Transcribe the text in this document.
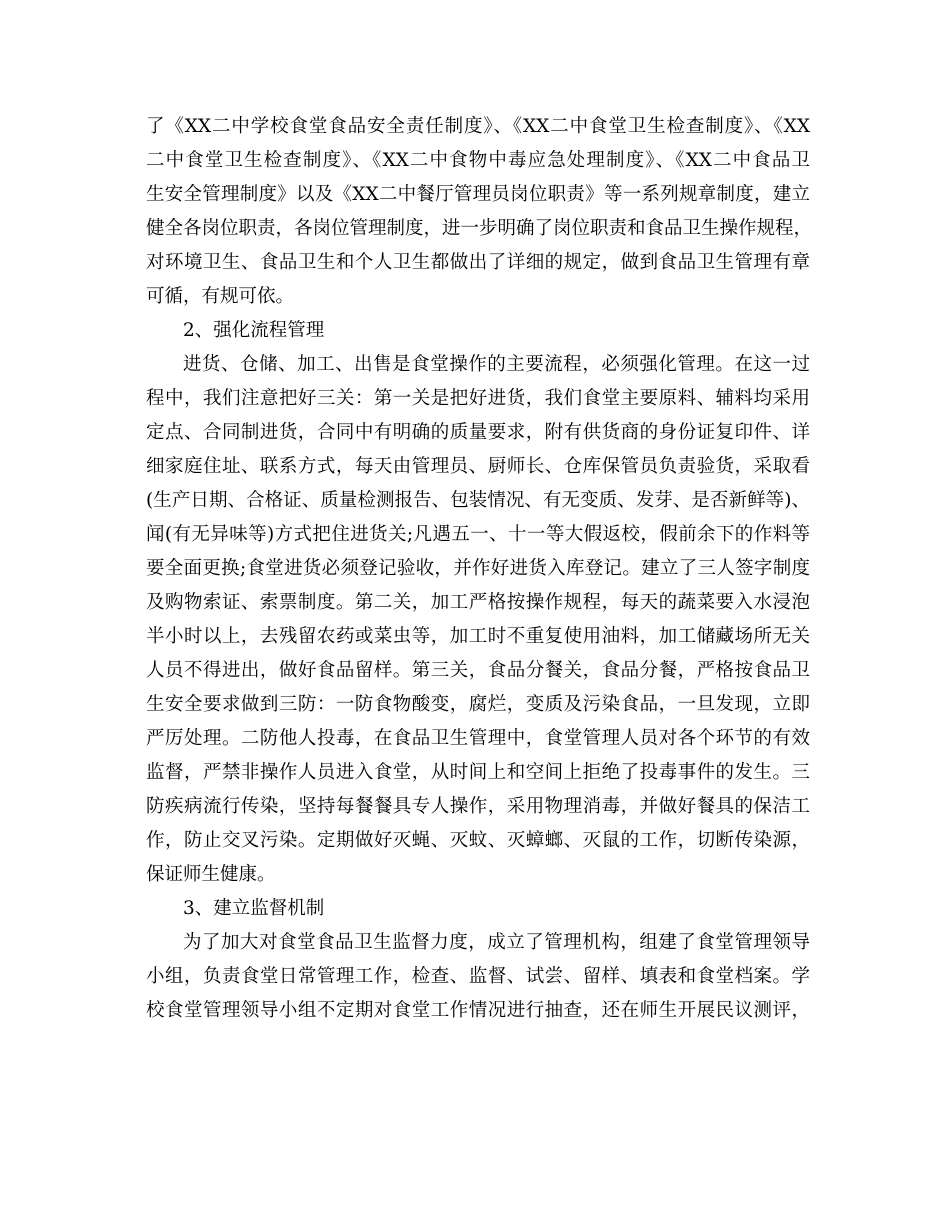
了《XX二中学校食堂食品安全责任制度》、《XX二中食堂卫生检查制度》、《XX
二中食堂卫生检查制度》、《XX二中食物中毒应急处理制度》、《XX二中食品卫
生安全管理制度》以及《XX二中餐厅管理员岗位职责》等一系列规章制度，建立
健全各岗位职责，各岗位管理制度，进一步明确了岗位职责和食品卫生操作规程，
对环境卫生、食品卫生和个人卫生都做出了详细的规定，做到食品卫生管理有章
可循，有规可依。
2、强化流程管理
进货、仓储、加工、出售是食堂操作的主要流程，必须强化管理。在这一过
程中，我们注意把好三关：第一关是把好进货，我们食堂主要原料、辅料均采用
定点、合同制进货，合同中有明确的质量要求，附有供货商的身份证复印件、详
细家庭住址、联系方式，每天由管理员、厨师长、仓库保管员负责验货，采取看
(生产日期、合格证、质量检测报告、包装情况、有无变质、发芽、是否新鲜等)、
闻(有无异味等)方式把住进货关;凡遇五一、十一等大假返校，假前余下的作料等
要全面更换;食堂进货必须登记验收，并作好进货入库登记。建立了三人签字制度
及购物索证、索票制度。第二关，加工严格按操作规程，每天的蔬菜要入水浸泡
半小时以上，去残留农药或菜虫等，加工时不重复使用油料，加工储藏场所无关
人员不得进出，做好食品留样。第三关，食品分餐关，食品分餐，严格按食品卫
生安全要求做到三防：一防食物酸变，腐烂，变质及污染食品，一旦发现，立即
严厉处理。二防他人投毒，在食品卫生管理中，食堂管理人员对各个环节的有效
监督，严禁非操作人员进入食堂，从时间上和空间上拒绝了投毒事件的发生。三
防疾病流行传染，坚持每餐餐具专人操作，采用物理消毒，并做好餐具的保洁工
作，防止交叉污染。定期做好灭蝇、灭蚊、灭蟑螂、灭鼠的工作，切断传染源，
保证师生健康。
3、建立监督机制
为了加大对食堂食品卫生监督力度，成立了管理机构，组建了食堂管理领导
小组，负责食堂日常管理工作，检查、监督、试尝、留样、填表和食堂档案。学
校食堂管理领导小组不定期对食堂工作情况进行抽查，还在师生开展民议测评，
